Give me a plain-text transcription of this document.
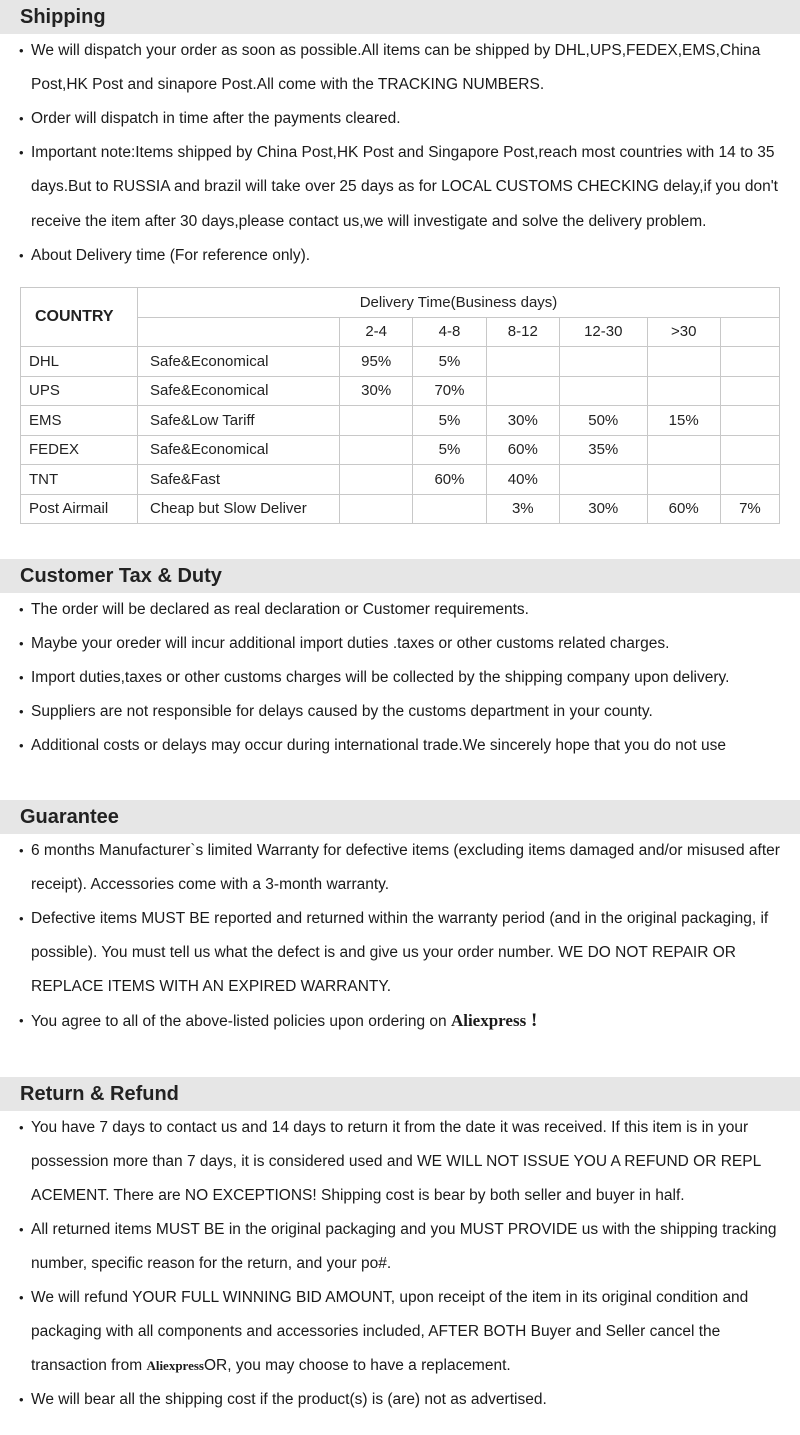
Shipping
• We will dispatch your order as soon as possible.All items can be shipped by DHL,UPS,FEDEX,EMS,China Post,HK Post and sinapore Post.All come with the TRACKING NUMBERS.
• Order will dispatch in time after the payments cleared.
• Important note:Items shipped by China Post,HK Post and Singapore Post,reach most countries with 14 to 35 days.But to RUSSIA and brazil will take over 25 days as for LOCAL CUSTOMS CHECKING delay,if you don't receive the item after 30 days,please contact us,we will investigate and solve the delivery problem.
• About Delivery time (For reference only).
COUNTRY	Delivery Time(Business days)						
		2-4	4-8	8-12	12-30	>30	
DHL	Safe&Economical	95%	5%				
UPS	Safe&Economical	30%	70%				
EMS	Safe&Low Tariff		5%	30%	50%	15%	
FEDEX	Safe&Economical		5%	60%	35%		
TNT	Safe&Fast		60%	40%			
Post Airmail	Cheap but Slow Deliver			3%	30%	60%	7%
Customer Tax & Duty
• The order will be declared as real declaration or Customer requirements.
• Maybe your oreder will incur additional import duties .taxes or other customs related charges.
• Import duties,taxes or other customs charges will be collected by the shipping company upon delivery.
• Suppliers are not responsible for delays caused by the customs department in your county.
• Additional costs or delays may occur during international trade.We sincerely hope that you do not use
Guarantee
• 6 months Manufacturer`s limited Warranty for defective items (excluding items damaged and/or misused after receipt). Accessories come with a 3-month warranty.
• Defective items MUST BE reported and returned within the warranty period (and in the original packaging, if possible). You must tell us what the defect is and give us your order number. WE DO NOT REPAIR OR REPLACE ITEMS WITH AN EXPIRED WARRANTY.
• You agree to all of the above-listed policies upon ordering on Aliexpress !
Return & Refund
• You have 7 days to contact us and 14 days to return it from the date it was received. If this item is in your possession more than 7 days, it is considered used and WE WILL NOT ISSUE YOU A REFUND OR REPL ACEMENT. There are NO EXCEPTIONS! Shipping cost is bear by both seller and buyer in half.
• All returned items MUST BE in the original packaging and you MUST PROVIDE us with the shipping tracking number, specific reason for the return, and your po#.
• We will refund YOUR FULL WINNING BID AMOUNT, upon receipt of the item in its original condition and packaging with all components and accessories included, AFTER BOTH Buyer and Seller cancel the transaction from AliexpressOR, you may choose to have a replacement.
• We will bear all the shipping cost if the product(s) is (are) not as advertised.
